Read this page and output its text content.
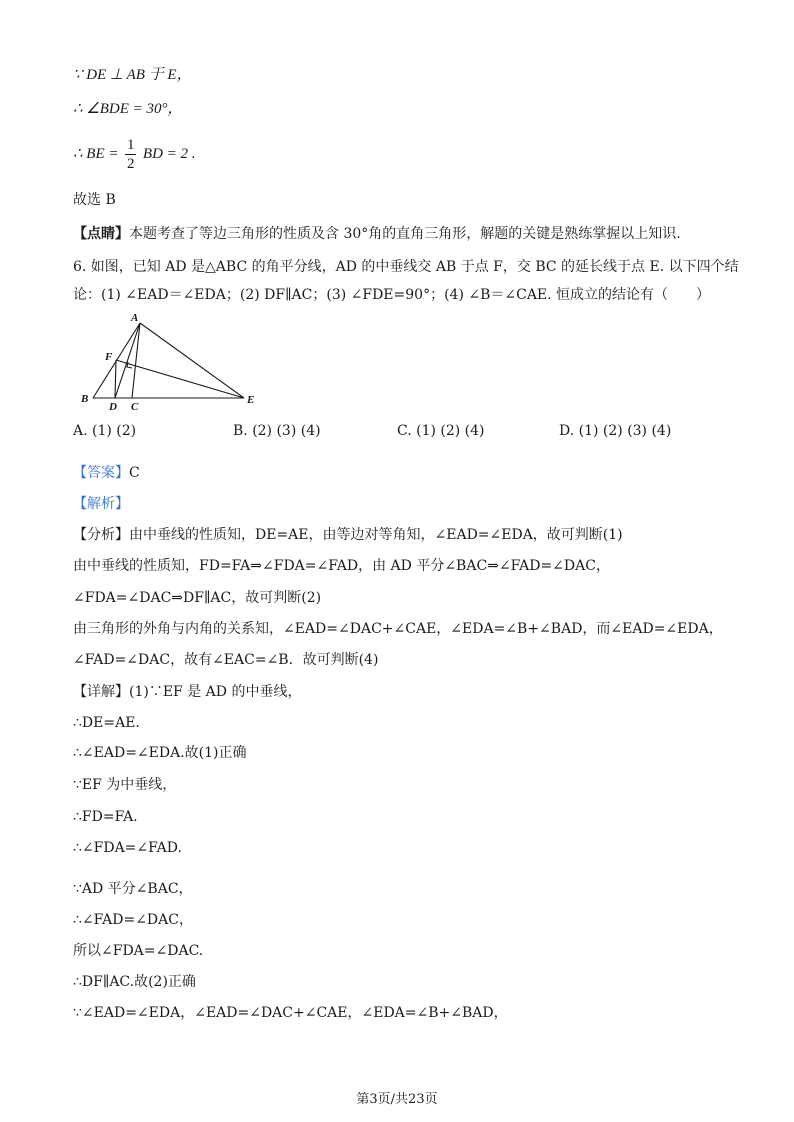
∵ DE ⊥ AB 于 E，
∴ ∠BDE = 30°，
∴ BE = $\frac{1}{2}$ BD = 2 .
故选 B
【点睛】本题考查了等边三角形的性质及含 30°角的直角三角形，解题的关键是熟练掌握以上知识.
6. 如图，已知 AD 是△ABC 的角平分线，AD 的中垂线交 AB 于点 F，交 BC 的延长线于点 E. 以下四个结
论：(1) ∠EAD＝∠EDA；(2) DF∥AC；(3) ∠FDE=90°；(4) ∠B＝∠CAE. 恒成立的结论有（　　）
A
F
B
D C
E
A. (1) (2)	B. (2) (3) (4)	C. (1) (2) (4)	D. (1) (2) (3) (4)
【答案】C
【解析】
【分析】由中垂线的性质知，DE=AE，由等边对等角知，∠EAD=∠EDA，故可判断(1)
由中垂线的性质知，FD=FA⇒∠FDA=∠FAD，由 AD 平分∠BAC⇒∠FAD=∠DAC，
∠FDA=∠DAC⇒DF∥AC，故可判断(2)
由三角形的外角与内角的关系知，∠EAD=∠DAC+∠CAE，∠EDA=∠B+∠BAD，而∠EAD=∠EDA，
∠FAD=∠DAC，故有∠EAC=∠B．故可判断(4)
【详解】(1)∵EF 是 AD 的中垂线，
∴DE=AE.
∴∠EAD=∠EDA.故(1)正确
∵EF 为中垂线，
∴FD=FA.
∴∠FDA=∠FAD.
∵AD 平分∠BAC，
∴∠FAD=∠DAC，
所以∠FDA=∠DAC.
∴DF∥AC.故(2)正确
∵∠EAD=∠EDA，∠EAD=∠DAC+∠CAE，∠EDA=∠B+∠BAD，
第3页/共23页
